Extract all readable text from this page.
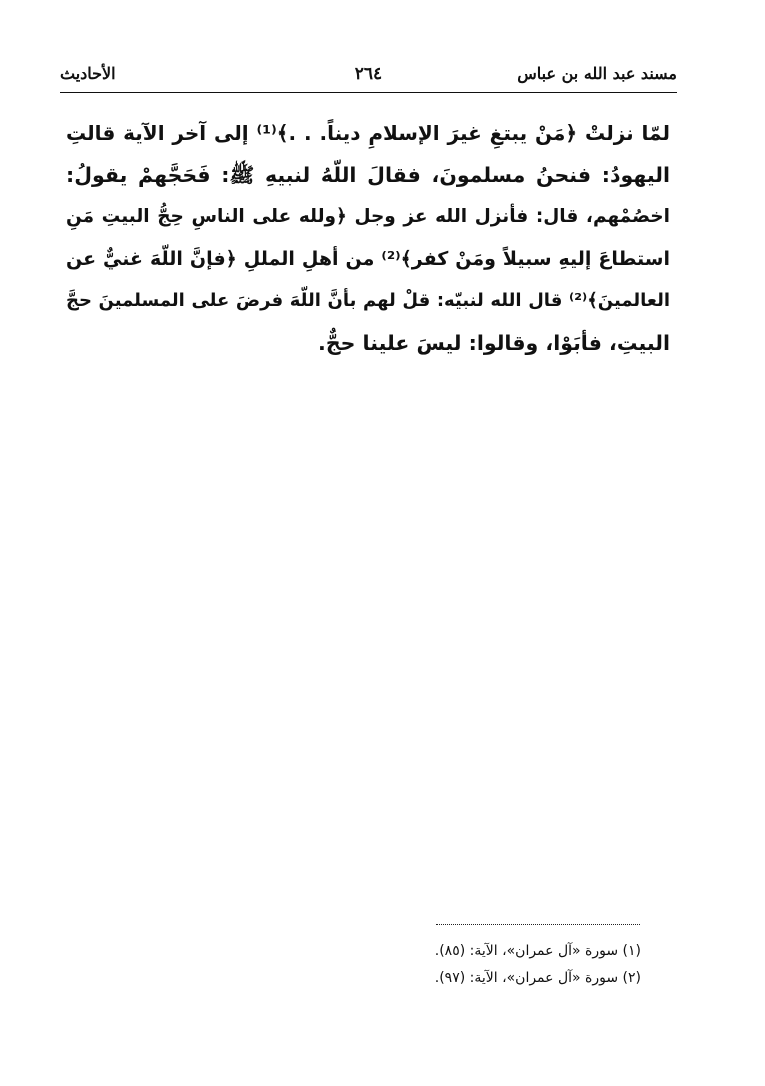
مسند عبد الله بن عباس
٢٦٤
الأحاديث
لمّا نزلتْ ﴿مَنْ يبتغِ غيرَ الإسلامِ ديناً. . .﴾⁽¹⁾ إلى آخر الآية قالتِ
اليهودُ: فنحنُ مسلمونَ، فقالَ اللّهُ لنبيهِ ﷺ: فَحَجَّهمْ يقولُ:
اخصُمْهم، قال: فأنزل الله عز وجل ﴿ولله على الناسِ حِجُّ البيتِ مَنِ
استطاعَ إليهِ سبيلاً ومَنْ كفر﴾⁽²⁾ من أهلِ المللِ ﴿فإنَّ اللّهَ غنيٌّ عن
العالمينَ﴾⁽²⁾ قال الله لنبيّه: قلْ لهم بأنَّ اللّهَ فرضَ على المسلمينَ حجَّ
البيتِ، فأبَوْا، وقالوا: ليسَ علينا حجٌّ.
(١) سورة «آل عمران»، الآية: (٨٥).
(٢) سورة «آل عمران»، الآية: (٩٧).
